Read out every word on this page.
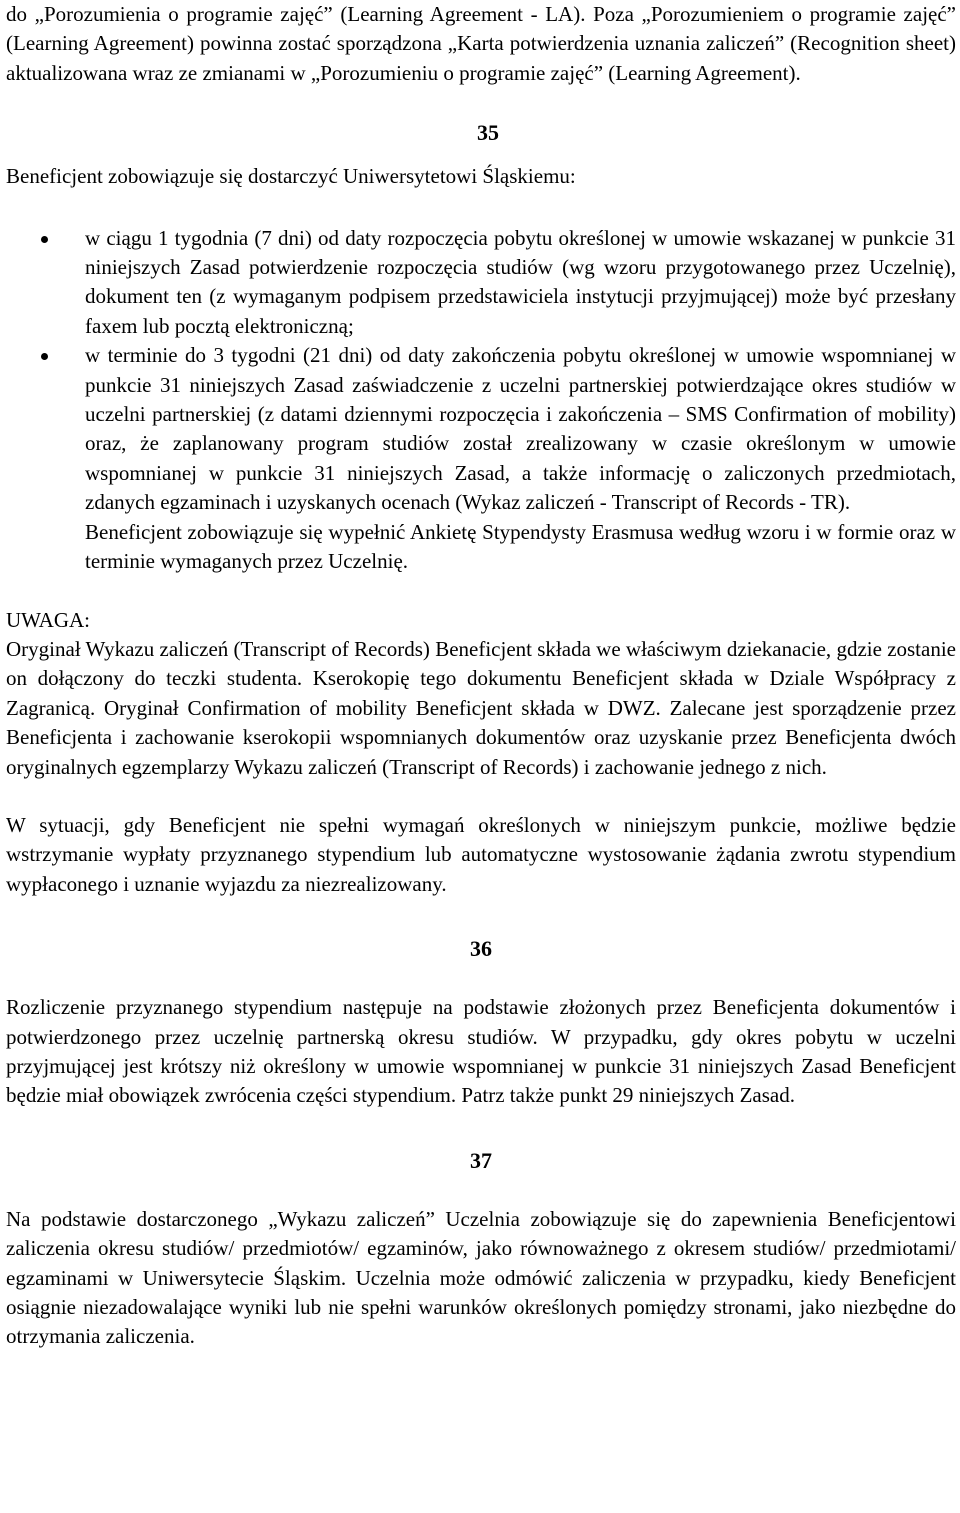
do „Porozumienia o programie zajęć” (Learning Agreement - LA). Poza „Porozumieniem o programie zajęć” (Learning Agreement) powinna zostać sporządzona „Karta potwierdzenia uznania zaliczeń” (Recognition sheet) aktualizowana wraz ze zmianami w „Porozumieniu o programie zajęć” (Learning Agreement).

35

Beneficjent zobowiązuje się dostarczyć Uniwersytetowi Śląskiemu:

w ciągu 1 tygodnia (7 dni) od daty rozpoczęcia pobytu określonej w umowie wskazanej w punkcie 31 niniejszych Zasad potwierdzenie rozpoczęcia studiów (wg wzoru przygotowanego przez Uczelnię), dokument ten (z wymaganym podpisem przedstawiciela instytucji przyjmującej) może być przesłany faxem lub pocztą elektroniczną;

w terminie do 3 tygodni (21 dni) od daty zakończenia pobytu określonej w umowie wspomnianej w punkcie 31 niniejszych Zasad zaświadczenie z uczelni partnerskiej potwierdzające okres studiów w uczelni partnerskiej (z datami dziennymi rozpoczęcia i zakończenia – SMS Confirmation of mobility) oraz, że zaplanowany program studiów został zrealizowany w czasie określonym w umowie wspomnianej w punkcie 31 niniejszych Zasad, a także informację o zaliczonych przedmiotach, zdanych egzaminach i uzyskanych ocenach (Wykaz zaliczeń - Transcript of Records - TR).

Beneficjent zobowiązuje się wypełnić Ankietę Stypendysty Erasmusa według wzoru i w formie oraz w terminie wymaganych przez Uczelnię.

UWAGA:

Oryginał Wykazu zaliczeń (Transcript of Records) Beneficjent składa we właściwym dziekanacie, gdzie zostanie on dołączony do teczki studenta. Kserokopię tego dokumentu Beneficjent składa w Dziale Współpracy z Zagranicą. Oryginał Confirmation of mobility Beneficjent składa w DWZ. Zalecane jest sporządzenie przez Beneficjenta i zachowanie kserokopii wspomnianych dokumentów oraz uzyskanie przez Beneficjenta dwóch oryginalnych egzemplarzy Wykazu zaliczeń (Transcript of Records) i zachowanie jednego z nich.

W sytuacji, gdy Beneficjent nie spełni wymagań określonych w niniejszym punkcie, możliwe będzie wstrzymanie wypłaty przyznanego stypendium lub automatyczne wystosowanie żądania zwrotu stypendium wypłaconego i uznanie wyjazdu za niezrealizowany.

36

Rozliczenie przyznanego stypendium następuje na podstawie złożonych przez Beneficjenta dokumentów i potwierdzonego przez uczelnię partnerską okresu studiów. W przypadku, gdy okres pobytu w uczelni przyjmującej jest krótszy niż określony w umowie wspomnianej w punkcie 31 niniejszych Zasad Beneficjent będzie miał obowiązek zwrócenia części stypendium. Patrz także punkt 29 niniejszych Zasad.

37

Na podstawie dostarczonego „Wykazu zaliczeń” Uczelnia zobowiązuje się do zapewnienia Beneficjentowi zaliczenia okresu studiów/ przedmiotów/ egzaminów, jako równoważnego z okresem studiów/ przedmiotami/ egzaminami w Uniwersytecie Śląskim. Uczelnia może odmówić zaliczenia w przypadku, kiedy Beneficjent osiągnie niezadowalające wyniki lub nie spełni warunków określonych pomiędzy stronami, jako niezbędne do otrzymania zaliczenia.
